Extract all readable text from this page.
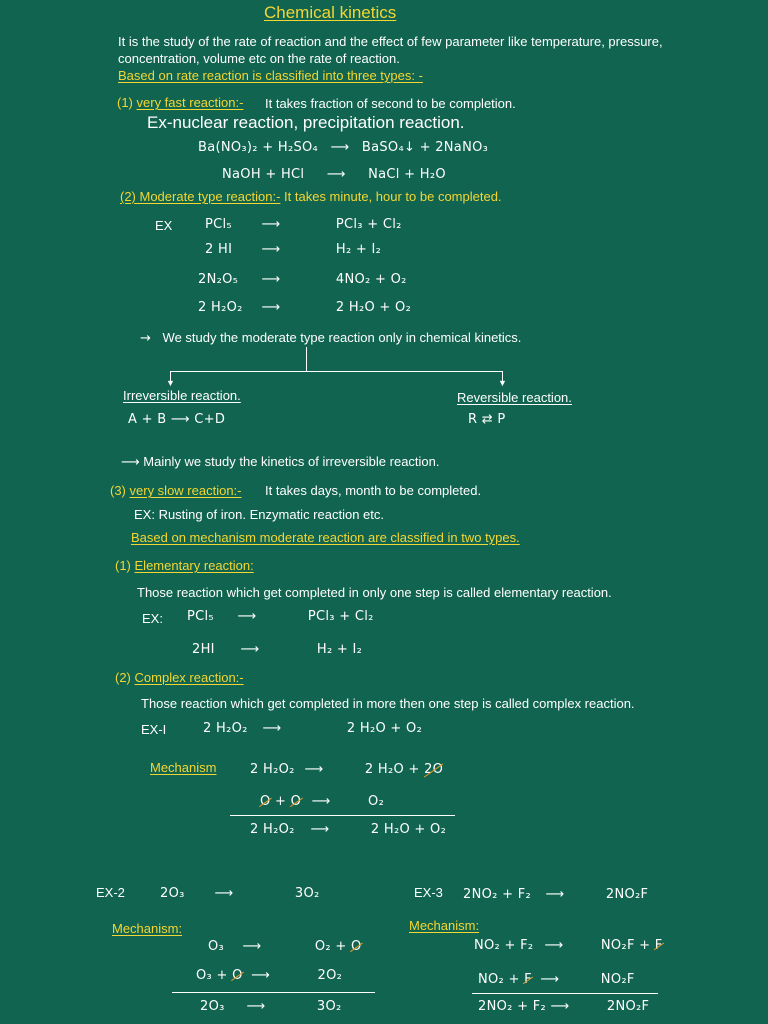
Chemical kinetics
It is the study of the rate of reaction and the effect of few parameter like temperature, pressure,
concentration, volume etc on the rate of reaction.
Based on rate reaction is classified into three types: -
(1) very fast reaction:- It takes fraction of second to be completion.
Ex-nuclear reaction, precipitation reaction.
Ba(NO₃)₂ + H₂SO₄ ⟶ BaSO₄↓ + 2NaNO₃
NaOH + HCl ⟶ NaCl + H₂O
(2) Moderate type reaction:- It takes minute, hour to be completed.
EX	PCl₅ ⟶	PCl₃ + Cl₂
2 HI ⟶	H₂ + I₂
2N₂O₅ ⟶	4NO₂ + O₂
2 H₂O₂ ⟶	2 H₂O + O₂
→ We study the moderate type reaction only in chemical kinetics.
▼	▼
Irreversible reaction.
A + B ⟶ C+D
Reversible reaction.
R ⇄ P
⟶ Mainly we study the kinetics of irreversible reaction.
(3) very slow reaction:- It takes days, month to be completed.
EX: Rusting of iron. Enzymatic reaction etc.
Based on mechanism moderate reaction are classified in two types.
(1) Elementary reaction:
Those reaction which get completed in only one step is called elementary reaction.
EX: PCl₅ ⟶	PCl₃ + Cl₂
2HI ⟶	H₂ + I₂
(2) Complex reaction:-
Those reaction which get completed in more then one step is called complex reaction.
EX-I	2 H₂O₂ ⟶	2 H₂O + O₂
Mechanism	2 H₂O₂ ⟶	2 H₂O + 2O
O + O ⟶	O₂
2 H₂O₂ ⟶	2 H₂O + O₂
EX-2	2O₃ ⟶	3O₂
Mechanism:
O₃ ⟶	O₂ + O
O₃ + O ⟶	2O₂
2O₃ ⟶	3O₂
EX-3 2NO₂ + F₂ ⟶	2NO₂F
Mechanism:
NO₂ + F₂ ⟶	NO₂F + F
NO₂ + F ⟶	NO₂F
2NO₂ + F₂ ⟶	2NO₂F
